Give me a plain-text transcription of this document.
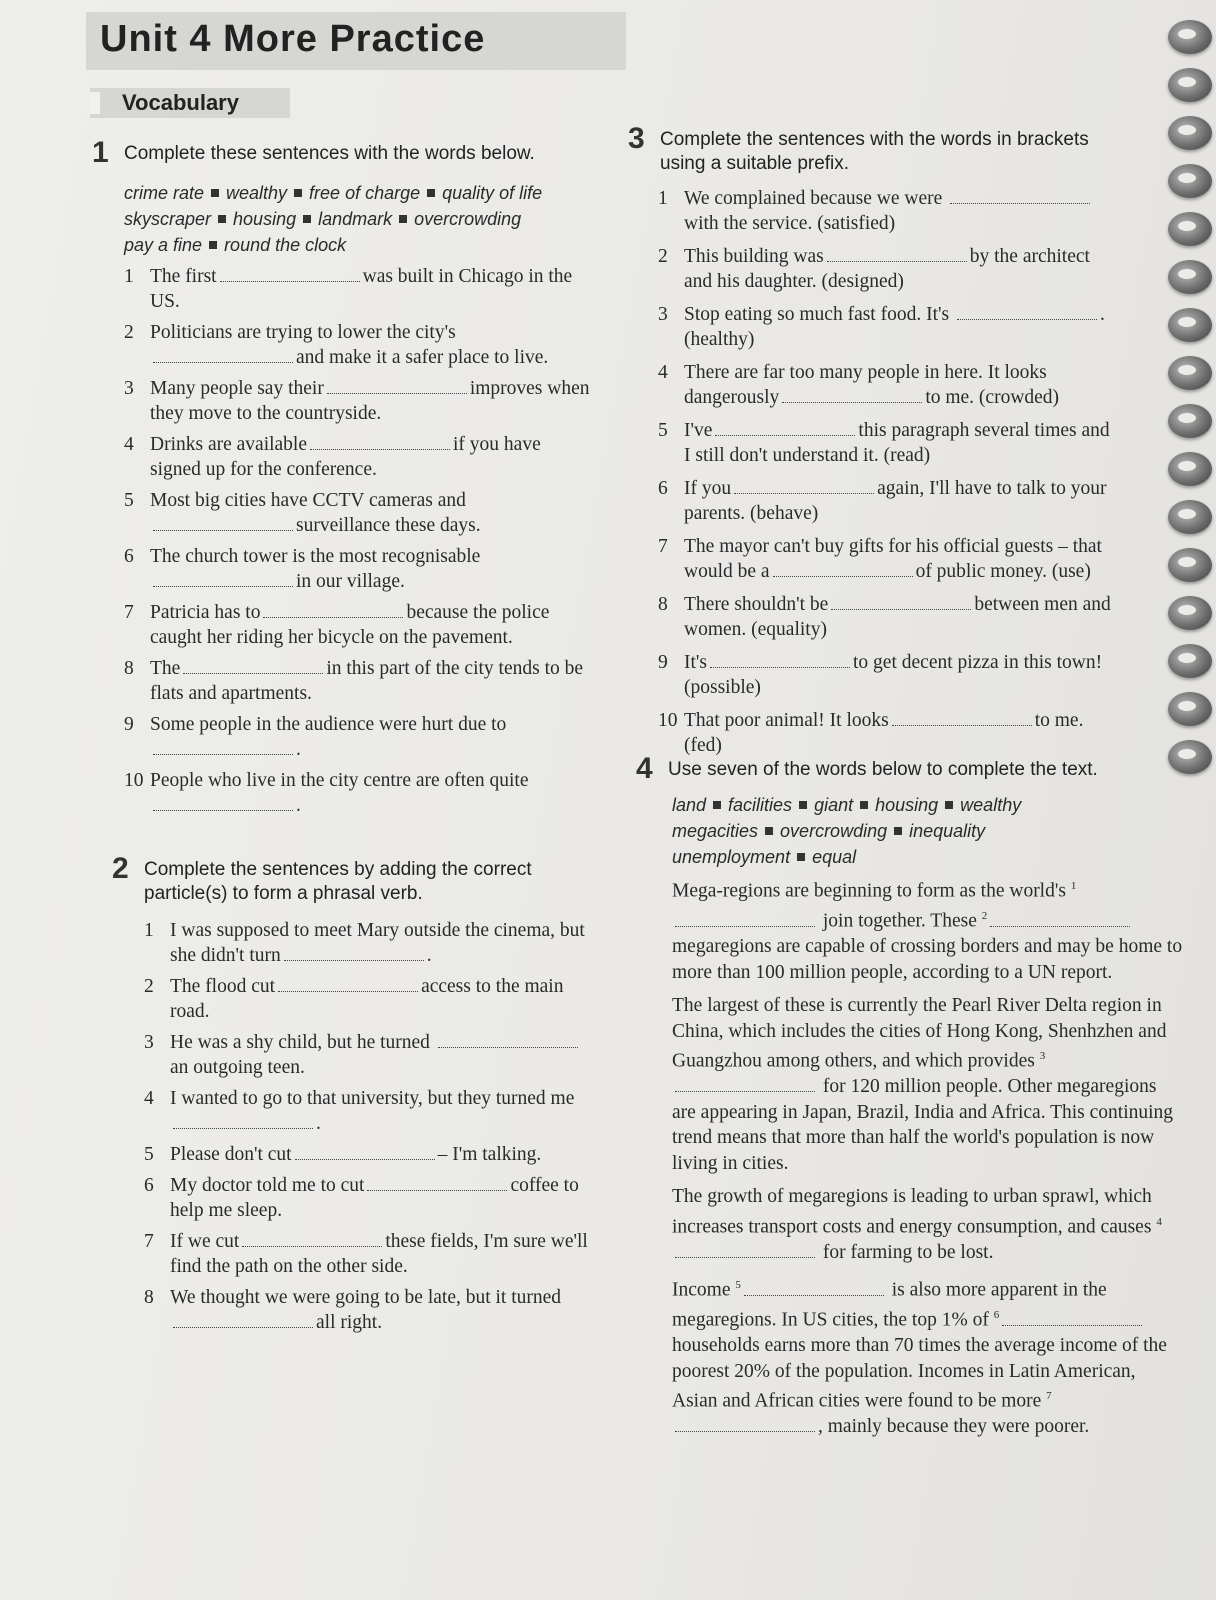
Unit 4 More Practice
Vocabulary
1 Complete these sentences with the words below.
crime rate wealthy free of charge quality of life
skyscraper housing landmark overcrowding
pay a fine round the clock
1 The first	was built in Chicago in the US.
2 Politicians are trying to lower the city's and make it a safer place to live.
3 Many people say their	improves when they move to the countryside.
4 Drinks are available	if you have signed up for the conference.
5 Most big cities have CCTV cameras and surveillance these days.
6 The church tower is the most recognisable in our village.
7 Patricia has to	because the police caught her riding her bicycle on the pavement.
8 The	in this part of the city tends to be flats and apartments.
9 Some people in the audience were hurt due to .
10 People who live in the city centre are often quite .
2 Complete the sentences by adding the correct particle(s) to form a phrasal verb.
1 I was supposed to meet Mary outside the cinema, but she didn't turn	.
2 The flood cut	access to the main road.
3 He was a shy child, but he turned an outgoing teen.
4 I wanted to go to that university, but they turned me.
5 Please don't cut	– I'm talking.
6 My doctor told me to cut	coffee to help me sleep.
7 If we cut	these fields, I'm sure we'll find the path on the other side.
8 We thought we were going to be late, but it turnedall right.
3 Complete the sentences with the words in brackets using a suitable prefix.
1 We complained because we were with the service. (satisfied)
2 This building was	by the architect and his daughter. (designed)
3 Stop eating so much fast food. It's	. (healthy)
4 There are far too many people in here. It looks dangerously	to me. (crowded)
5 I've	this paragraph several times and I still don't understand it. (read)
6 If you	again, I'll have to talk to your parents. (behave)
7 The mayor can't buy gifts for his official guests – that would be a	of public money. (use)
8 There shouldn't be	between men and women. (equality)
9 It's	to get decent pizza in this town! (possible)
10 That poor animal! It looks	to me. (fed)
4 Use seven of the words below to complete the text.
land facilities giant housing wealthy
megacities overcrowding inequality
unemployment equal

Mega-regions are beginning to form as the world's $^1$ join together. These $^2$ megaregions are capable of crossing borders and may be home to more than 100 million people, according to a UN report.

The largest of these is currently the Pearl River Delta region in China, which includes the cities of Hong Kong, Shenhzhen and Guangzhou among others, and which provides $^3$ for 120 million people. Other megaregions are appearing in Japan, Brazil, India and Africa. This continuing trend means that more than half the world's population is now living in cities.

The growth of megaregions is leading to urban sprawl, which increases transport costs and energy consumption, and causes $^4$ for farming to be lost.

Income $^5$	is also more apparent in the megaregions. In US cities, the top 1% of $^6$ households earns more than 70 times the average income of the poorest 20% of the population. Incomes in Latin American, Asian and African cities were found to be more $^7$, mainly because they were poorer.
